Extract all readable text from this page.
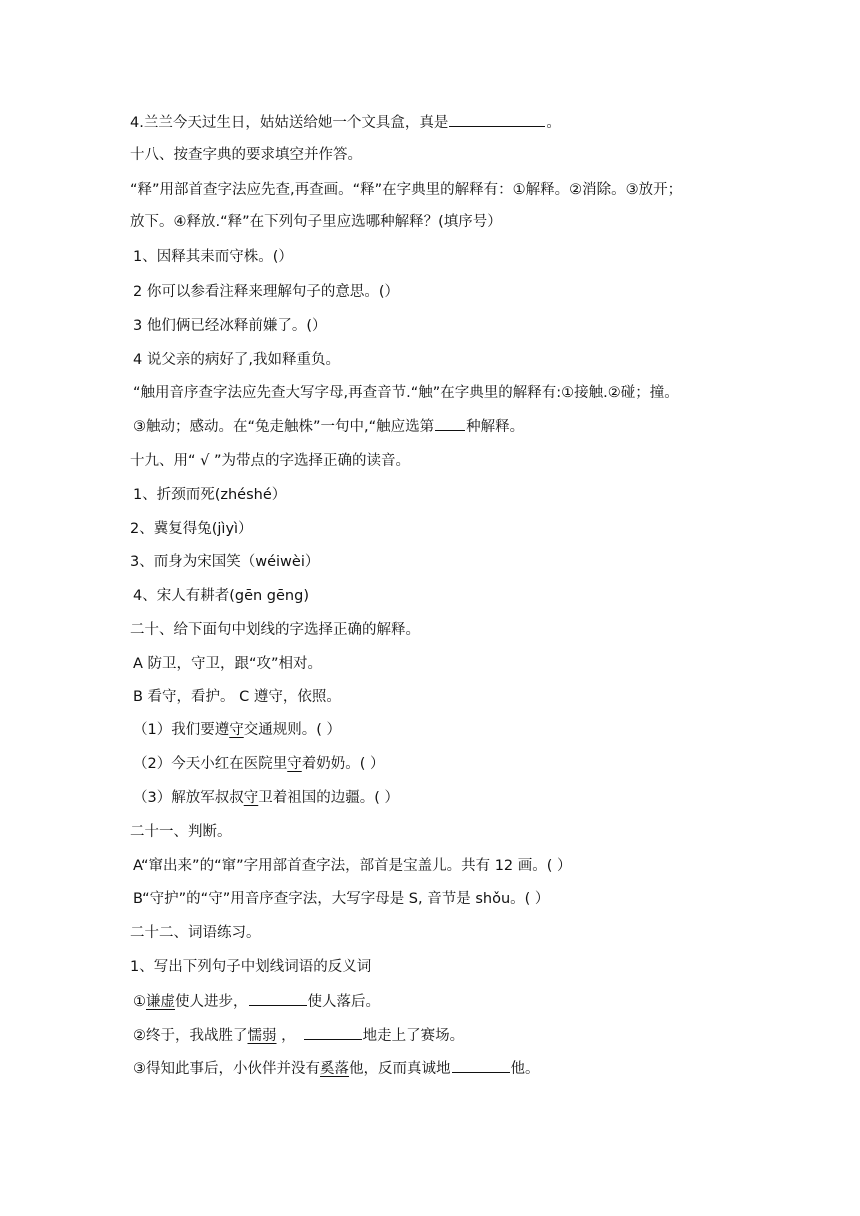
4.兰兰今天过生日，姑姑送给她一个文具盒，真是	。
十八、按查字典的要求填空并作答。
“释”用部首查字法应先查,再查画。“释”在字典里的解释有：①解释。②消除。③放开；
放下。④释放.“释”在下列句子里应选哪种解释？(填序号）
1、因释其耒而守株。(）
2 你可以参看注释来理解句子的意思。(）
3 他们俩已经冰释前嫌了。(）
4 说父亲的病好了,我如释重负。
“触用音序查字法应先查大写字母,再查音节.“触”在字典里的解释有:①接触.②碰；撞。
③触动；感动。在“兔走触株”一句中,“触应选第 种解释。
十九、用“ √ ”为带点的字选择正确的读音。
1、折颈而死(zhéshé）
2、冀复得兔(jìyì）
3、而身为宋国笑（wéiwèi）
4、宋人有耕者(gēn gēng)
二十、给下面句中划线的字选择正确的解释。
A 防卫，守卫，跟“攻”相对。
B 看守，看护。 C 遵守，依照。
（1）我们要遵守交通规则。( ）
（2）今天小红在医院里守着奶奶。( ）
（3）解放军叔叔守卫着祖国的边疆。( ）
二十一、判断。
A“窜出来”的“窜”字用部首查字法，部首是宝盖儿。共有 12 画。( ）
B“守护”的“守”用音序查字法，大写字母是 S, 音节是 shǒu。( ）
二十二、词语练习。
1、写出下列句子中划线词语的反义词
①谦虚使人进步，	使人落后。
②终于，我战胜了懦弱 ，	地走上了赛场。
③得知此事后，小伙伴并没有奚落他，反而真诚地	他。
